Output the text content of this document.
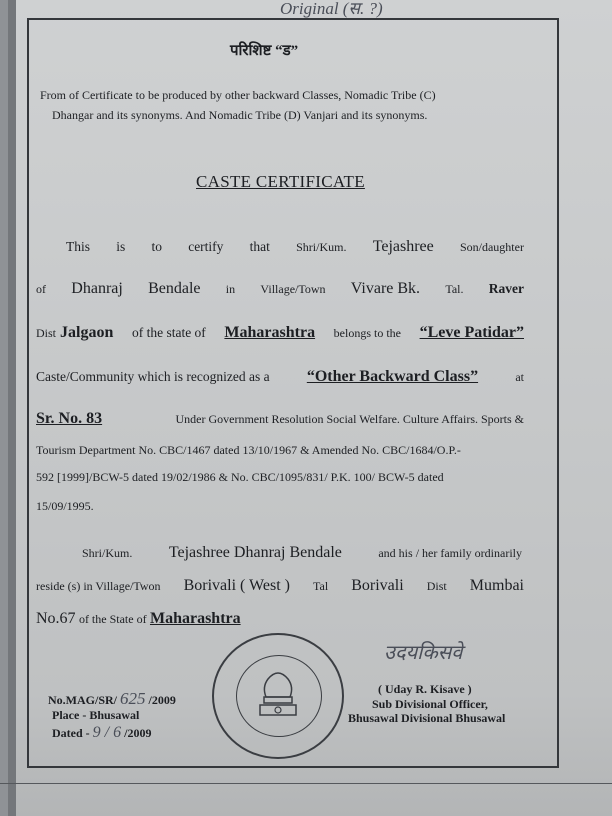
Original (स. ?)
परिशिष्ट “ड”
From of Certificate to be produced by other backward Classes, Nomadic Tribe (C)
Dhangar and its synonyms. And Nomadic Tribe (D) Vanjari and its synonyms.
CASTE CERTIFICATE
This is to certify that Shri/Kum. Tejashree Son/daughter
of Dhanraj Bendale in Village/Town Vivare Bk. Tal. Raver
Dist Jalgaon of the state of Maharashtra belongs to the “Leve Patidar”
Caste/Community which is recognized as a “Other Backward Class”	at
Sr. No. 83	Under Government Resolution Social Welfare. Culture Affairs. Sports &
Tourism Department No. CBC/1467 dated 13/10/1967 & Amended No. CBC/1684/O.P.-
592 [1999]/BCW-5 dated 19/02/1986 & No. CBC/1095/831/ P.K. 100/ BCW-5 dated
15/09/1995.
Shri/Kum. Tejashree Dhanraj Bendale	and his / her family ordinarily
reside (s) in Village/Twon Borivali ( West ) Tal Borivali Dist Mumbai
No.67 of the State of Maharashtra
No.MAG/SR/ 625 /2009
Place - Bhusawal
Dated - 9 / 6 /2009
उदयकिसवे
( Uday R. Kisave )
Sub Divisional Officer,
Bhusawal Divisional Bhusawal
